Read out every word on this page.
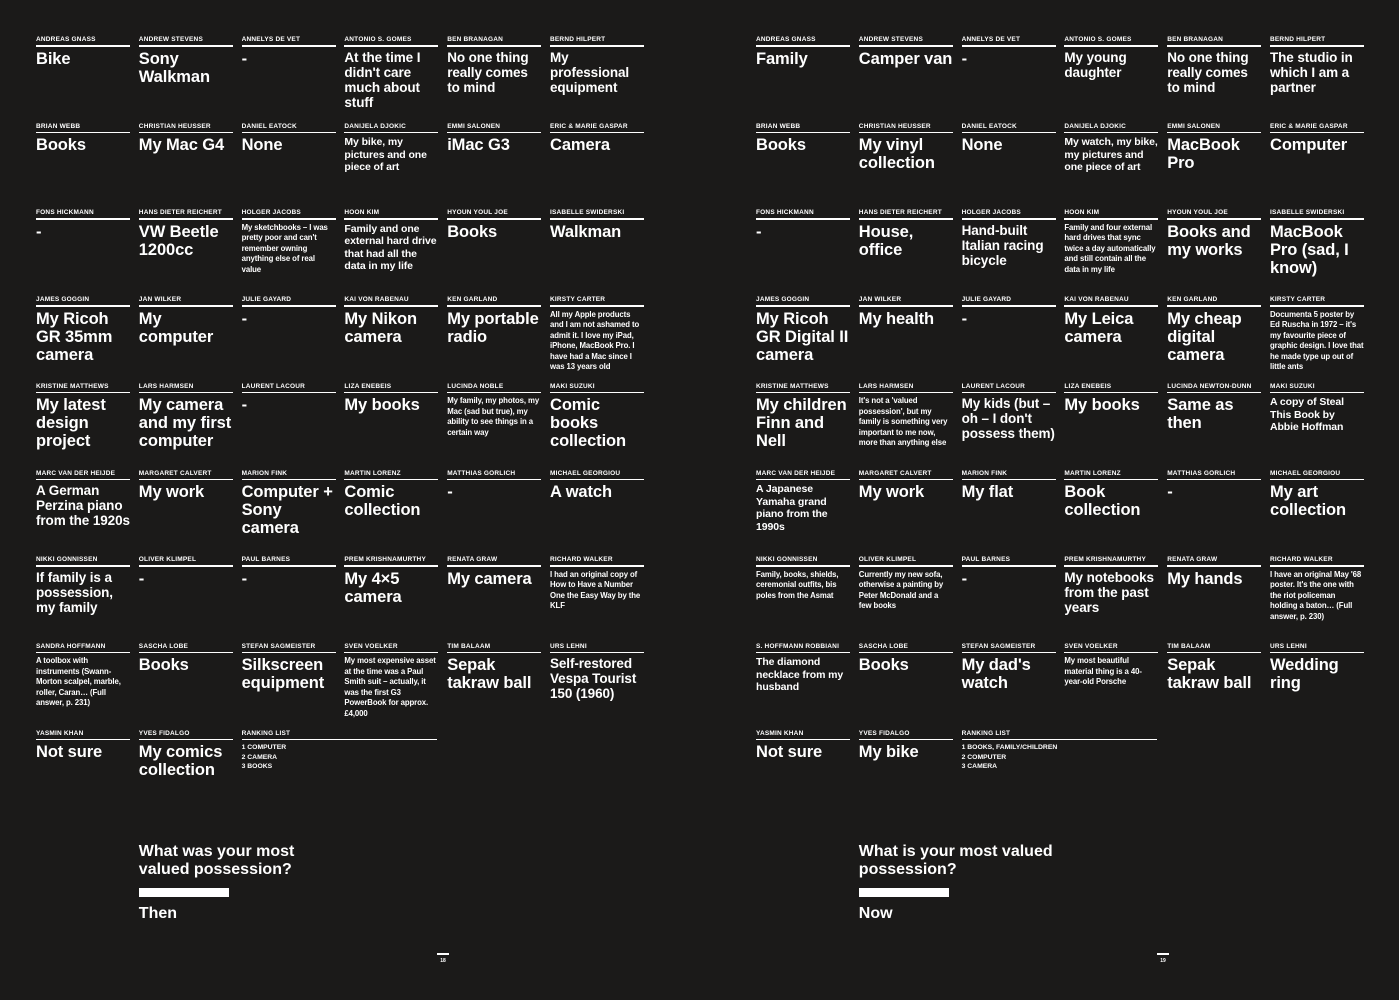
ANDREAS GNASS
Bike
ANDREW STEVENS
Sony Walkman
ANNELYS DE VET
-
ANTÓNIO S. GOMES
At the time I didn't care much about stuff
BEN BRANAGAN
No one thing really comes to mind
BERND HILPERT
My professional equipment
BRIAN WEBB
Books
CHRISTIAN HEUSSER
My Mac G4
DANIEL EATOCK
None
DANIJELA DJOKIC
My bike, my pictures and one piece of art
EMMI SALONEN
iMac G3
ÉRIC & MARIE GASPAR
Camera
FONS HICKMANN
-
HANS DIETER REICHERT
VW Beetle 1200cc
HOLGER JACOBS
My sketchbooks – I was pretty poor and can't remember owning anything else of real value
HOON KIM
Family and one external hard drive that had all the data in my life
HYOUN YOUL JOE
Books
ISABELLE SWIDERSKI
Walkman
JAMES GOGGIN
My Ricoh GR 35mm camera
JAN WILKER
My computer
JULIE GAYARD
-
KAI VON RABENAU
My Nikon camera
KEN GARLAND
My portable radio
KIRSTY CARTER
All my Apple products and I am not ashamed to admit it. I love my iPad, iPhone, MacBook Pro. I have had a Mac since I was 13 years old
KRISTINE MATTHEWS
My latest design project
LARS HARMSEN
My camera and my first computer
LAURENT LACOUR
-
LIZA ENEBEIS
My books
LUCINDA NOBLE
My family, my photos, my Mac (sad but true), my ability to see things in a certain way
MAKI SUZUKI
Comic books collection
MARC VAN DER HEIJDE
A German Perzina piano from the 1920s
MARGARET CALVERT
My work
MARION FINK
Computer + Sony camera
MARTIN LORENZ
Comic collection
MATTHIAS GÖRLICH
-
MICHAEL GEORGIOU
A watch
NIKKI GONNISSEN
If family is a possession, my family
OLIVER KLIMPEL
-
PAUL BARNES
-
PREM KRISHNAMURTHY
My 4×5 camera
RENATA GRAW
My camera
RICHARD WALKER
I had an original copy of How to Have a Number One the Easy Way by the KLF
SANDRA HOFFMANN
A toolbox with instruments (Swann-Morton scalpel, marble, roller, Caran… (Full answer, p. 231)
SASCHA LOBE
Books
STEFAN SAGMEISTER
Silkscreen equipment
SVEN VOELKER
My most expensive asset at the time was a Paul Smith suit – actually, it was the first G3 PowerBook for approx. £4,000
TIM BALAAM
Sepak takraw ball
URS LEHNI
Self-restored Vespa Tourist 150 (1960)
YASMIN KHAN
Not sure
YVES FIDALGO
My comics collection
RANKING LIST
1 COMPUTER
2 CAMERA
3 BOOKS
What was your most valued possession?
Then
18
ANDREAS GNASS
Family
ANDREW STEVENS
Camper van
ANNELYS DE VET
-
ANTÓNIO S. GOMES
My young daughter
BEN BRANAGAN
No one thing really comes to mind
BERND HILPERT
The studio in which I am a partner
BRIAN WEBB
Books
CHRISTIAN HEUSSER
My vinyl collection
DANIEL EATOCK
None
DANIJELA DJOKIC
My watch, my bike, my pictures and one piece of art
EMMI SALONEN
MacBook Pro
ÉRIC & MARIE GASPAR
Computer
FONS HICKMANN
-
HANS DIETER REICHERT
House, office
HOLGER JACOBS
Hand-built Italian racing bicycle
HOON KIM
Family and four external hard drives that sync twice a day automatically and still contain all the data in my life
HYOUN YOUL JOE
Books and my works
ISABELLE SWIDERSKI
MacBook Pro (sad, I know)
JAMES GOGGIN
My Ricoh GR Digital II camera
JAN WILKER
My health
JULIE GAYARD
-
KAI VON RABENAU
My Leica camera
KEN GARLAND
My cheap digital camera
KIRSTY CARTER
Documenta 5 poster by Ed Ruscha in 1972 – it's my favourite piece of graphic design. I love that he made type up out of little ants
KRISTINE MATTHEWS
My children Finn and Nell
LARS HARMSEN
It's not a 'valued possession', but my family is something very important to me now, more than anything else
LAURENT LACOUR
My kids (but – oh – I don't possess them)
LIZA ENEBEIS
My books
LUCINDA NEWTON-DUNN
Same as then
MAKI SUZUKI
A copy of Steal This Book by Abbie Hoffman
MARC VAN DER HEIJDE
A Japanese Yamaha grand piano from the 1990s
MARGARET CALVERT
My work
MARION FINK
My flat
MARTIN LORENZ
Book collection
MATTHIAS GÖRLICH
-
MICHAEL GEORGIOU
My art collection
NIKKI GONNISSEN
Family, books, shields, ceremonial outfits, bis poles from the Asmat
OLIVER KLIMPEL
Currently my new sofa, otherwise a painting by Peter McDonald and a few books
PAUL BARNES
-
PREM KRISHNAMURTHY
My notebooks from the past years
RENATA GRAW
My hands
RICHARD WALKER
I have an original May '68 poster. It's the one with the riot policeman holding a baton… (Full answer, p. 230)
S. HOFFMANN ROBBIANI
The diamond necklace from my husband
SASCHA LOBE
Books
STEFAN SAGMEISTER
My dad's watch
SVEN VOELKER
My most beautiful material thing is a 40-year-old Porsche
TIM BALAAM
Sepak takraw ball
URS LEHNI
Wedding ring
YASMIN KHAN
Not sure
YVES FIDALGO
My bike
RANKING LIST
1 BOOKS, FAMILY/CHILDREN
2 COMPUTER
3 CAMERA
What is your most valued possession?
Now
19
